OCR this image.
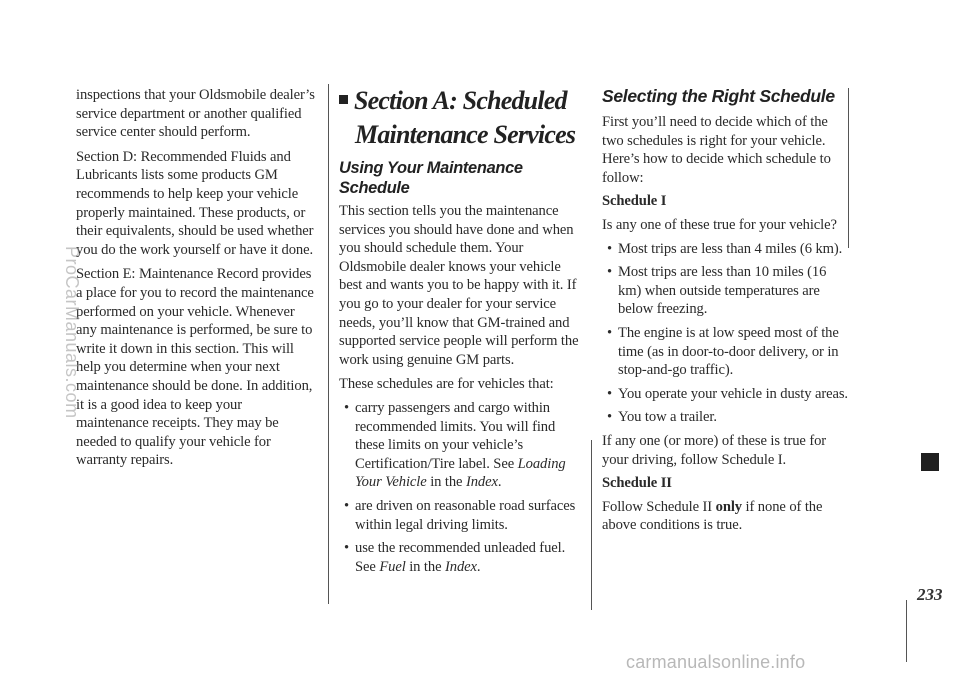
inspections that your Oldsmobile dealer’s service department or another qualified service center should perform.

Section D: Recommended Fluids and Lubricants lists some products GM recommends to help keep your vehicle properly maintained. These products, or their equivalents, should be used whether you do the work yourself or have it done.

Section E: Maintenance Record provides a place for you to record the maintenance performed on your vehicle. Whenever any maintenance is performed, be sure to write it down in this section. This will help you determine when your next maintenance should be done. In addition, it is a good idea to keep your maintenance receipts. They may be needed to qualify your vehicle for warranty repairs.

Section A: Scheduled
Maintenance Services
Using Your Maintenance Schedule

This section tells you the maintenance services you should have done and when you should schedule them. Your Oldsmobile dealer knows your vehicle best and wants you to be happy with it. If you go to your dealer for your service needs, you’ll know that GM-trained and supported service people will perform the work using genuine GM parts.

These schedules are for vehicles that:

• carry passengers and cargo within recommended limits. You will find these limits on your vehicle’s Certification/Tire label. See Loading Your Vehicle in the Index.
• are driven on reasonable road surfaces within legal driving limits.
• use the recommended unleaded fuel. See Fuel in the Index.
Selecting the Right Schedule

First you’ll need to decide which of the two schedules is right for your vehicle. Here’s how to decide which schedule to follow:

Schedule I

Is any one of these true for your vehicle?

• Most trips are less than 4 miles (6 km).
• Most trips are less than 10 miles (16 km) when outside temperatures are below freezing.
• The engine is at low speed most of the time (as in door-to-door delivery, or in stop-and-go traffic).
• You operate your vehicle in dusty areas.
• You tow a trailer.

If any one (or more) of these is true for your driving, follow Schedule I.

Schedule II

Follow Schedule II only if none of the above conditions is true.

233
ProCarManuals.com
carmanualsonline.info
